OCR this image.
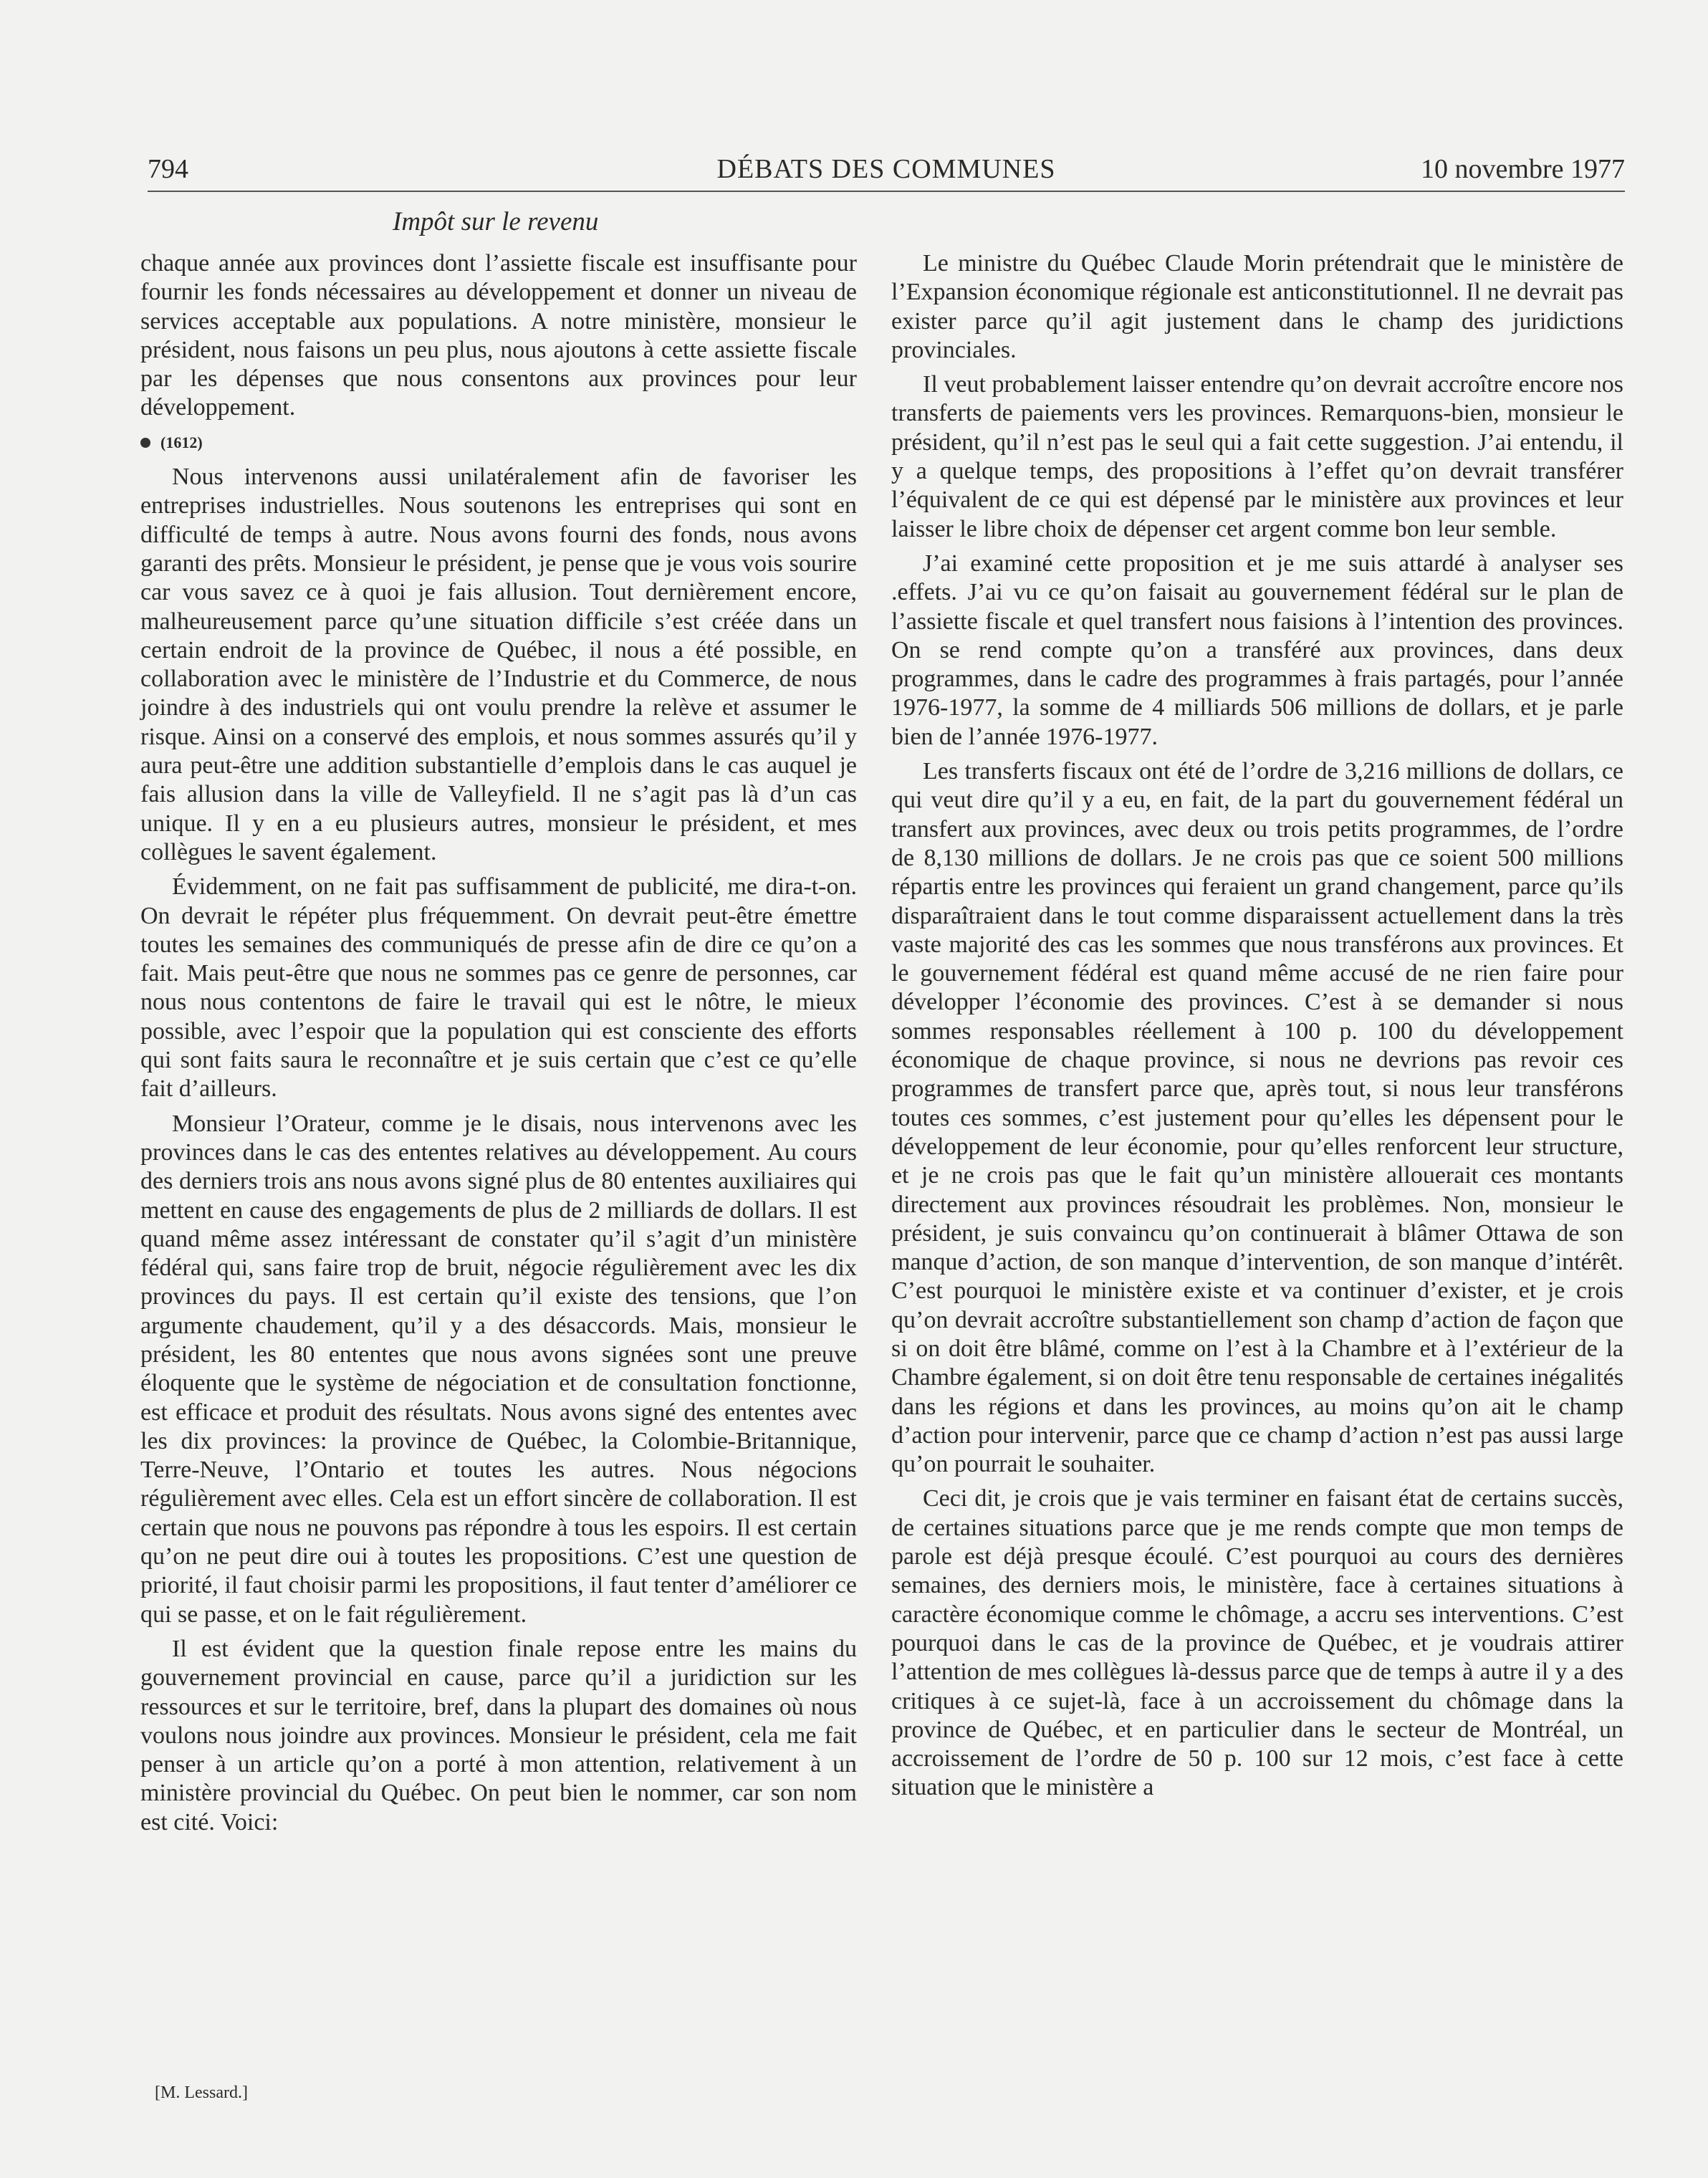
794	DÉBATS DES COMMUNES	10 novembre 1977
Impôt sur le revenu

chaque année aux provinces dont l’assiette fiscale est insuffisante pour fournir les fonds nécessaires au développement et donner un niveau de services acceptable aux populations. A notre ministère, monsieur le président, nous faisons un peu plus, nous ajoutons à cette assiette fiscale par les dépenses que nous consentons aux provinces pour leur développement.

(1612)

Nous intervenons aussi unilatéralement afin de favoriser les entreprises industrielles. Nous soutenons les entreprises qui sont en difficulté de temps à autre. Nous avons fourni des fonds, nous avons garanti des prêts. Monsieur le président, je pense que je vous vois sourire car vous savez ce à quoi je fais allusion. Tout dernièrement encore, malheureusement parce qu’une situation difficile s’est créée dans un certain endroit de la province de Québec, il nous a été possible, en collaboration avec le ministère de l’Industrie et du Commerce, de nous joindre à des industriels qui ont voulu prendre la relève et assumer le risque. Ainsi on a conservé des emplois, et nous sommes assurés qu’il y aura peut-être une addition substantielle d’emplois dans le cas auquel je fais allusion dans la ville de Valleyfield. Il ne s’agit pas là d’un cas unique. Il y en a eu plusieurs autres, monsieur le président, et mes collègues le savent également.

Évidemment, on ne fait pas suffisamment de publicité, me dira-t-on. On devrait le répéter plus fréquemment. On devrait peut-être émettre toutes les semaines des communiqués de presse afin de dire ce qu’on a fait. Mais peut-être que nous ne sommes pas ce genre de personnes, car nous nous contentons de faire le travail qui est le nôtre, le mieux possible, avec l’espoir que la population qui est consciente des efforts qui sont faits saura le reconnaître et je suis certain que c’est ce qu’elle fait d’ailleurs.

Monsieur l’Orateur, comme je le disais, nous intervenons avec les provinces dans le cas des ententes relatives au développement. Au cours des derniers trois ans nous avons signé plus de 80 ententes auxiliaires qui mettent en cause des engagements de plus de 2 milliards de dollars. Il est quand même assez intéressant de constater qu’il s’agit d’un ministère fédéral qui, sans faire trop de bruit, négocie régulièrement avec les dix provinces du pays. Il est certain qu’il existe des tensions, que l’on argumente chaudement, qu’il y a des désaccords. Mais, monsieur le président, les 80 ententes que nous avons signées sont une preuve éloquente que le système de négociation et de consultation fonctionne, est efficace et produit des résultats. Nous avons signé des ententes avec les dix provinces: la province de Québec, la Colombie-Britannique, Terre-Neuve, l’Ontario et toutes les autres. Nous négocions régulièrement avec elles. Cela est un effort sincère de collaboration. Il est certain que nous ne pouvons pas répondre à tous les espoirs. Il est certain qu’on ne peut dire oui à toutes les propositions. C’est une question de priorité, il faut choisir parmi les propositions, il faut tenter d’améliorer ce qui se passe, et on le fait régulièrement.

Il est évident que la question finale repose entre les mains du gouvernement provincial en cause, parce qu’il a juridiction sur les ressources et sur le territoire, bref, dans la plupart des domaines où nous voulons nous joindre aux provinces. Monsieur le président, cela me fait penser à un article qu’on a porté à mon attention, relativement à un ministère provincial du Québec. On peut bien le nommer, car son nom est cité. Voici:

Le ministre du Québec Claude Morin prétendrait que le ministère de l’Expansion économique régionale est anticonstitutionnel. Il ne devrait pas exister parce qu’il agit justement dans le champ des juridictions provinciales.

Il veut probablement laisser entendre qu’on devrait accroître encore nos transferts de paiements vers les provinces. Remarquons-bien, monsieur le président, qu’il n’est pas le seul qui a fait cette suggestion. J’ai entendu, il y a quelque temps, des propositions à l’effet qu’on devrait transférer l’équivalent de ce qui est dépensé par le ministère aux provinces et leur laisser le libre choix de dépenser cet argent comme bon leur semble.

J’ai examiné cette proposition et je me suis attardé à analyser ses .effets. J’ai vu ce qu’on faisait au gouvernement fédéral sur le plan de l’assiette fiscale et quel transfert nous faisions à l’intention des provinces. On se rend compte qu’on a transféré aux provinces, dans deux programmes, dans le cadre des programmes à frais partagés, pour l’année 1976-1977, la somme de 4 milliards 506 millions de dollars, et je parle bien de l’année 1976-1977.

Les transferts fiscaux ont été de l’ordre de 3,216 millions de dollars, ce qui veut dire qu’il y a eu, en fait, de la part du gouvernement fédéral un transfert aux provinces, avec deux ou trois petits programmes, de l’ordre de 8,130 millions de dollars. Je ne crois pas que ce soient 500 millions répartis entre les provinces qui feraient un grand changement, parce qu’ils disparaîtraient dans le tout comme disparaissent actuellement dans la très vaste majorité des cas les sommes que nous transférons aux provinces. Et le gouvernement fédéral est quand même accusé de ne rien faire pour développer l’économie des provinces. C’est à se demander si nous sommes responsables réellement à 100 p. 100 du développement économique de chaque province, si nous ne devrions pas revoir ces programmes de transfert parce que, après tout, si nous leur transférons toutes ces sommes, c’est justement pour qu’elles les dépensent pour le développement de leur économie, pour qu’elles renforcent leur structure, et je ne crois pas que le fait qu’un ministère allouerait ces montants directement aux provinces résoudrait les problèmes. Non, monsieur le président, je suis convaincu qu’on continuerait à blâmer Ottawa de son manque d’action, de son manque d’intervention, de son manque d’intérêt. C’est pourquoi le ministère existe et va continuer d’exister, et je crois qu’on devrait accroître substantiellement son champ d’action de façon que si on doit être blâmé, comme on l’est à la Chambre et à l’extérieur de la Chambre également, si on doit être tenu responsable de certaines inégalités dans les régions et dans les provinces, au moins qu’on ait le champ d’action pour intervenir, parce que ce champ d’action n’est pas aussi large qu’on pourrait le souhaiter.

Ceci dit, je crois que je vais terminer en faisant état de certains succès, de certaines situations parce que je me rends compte que mon temps de parole est déjà presque écoulé. C’est pourquoi au cours des dernières semaines, des derniers mois, le ministère, face à certaines situations à caractère économique comme le chômage, a accru ses interventions. C’est pourquoi dans le cas de la province de Québec, et je voudrais attirer l’attention de mes collègues là-dessus parce que de temps à autre il y a des critiques à ce sujet-là, face à un accroissement du chômage dans la province de Québec, et en particulier dans le secteur de Montréal, un accroissement de l’ordre de 50 p. 100 sur 12 mois, c’est face à cette situation que le ministère a

[M. Lessard.]
